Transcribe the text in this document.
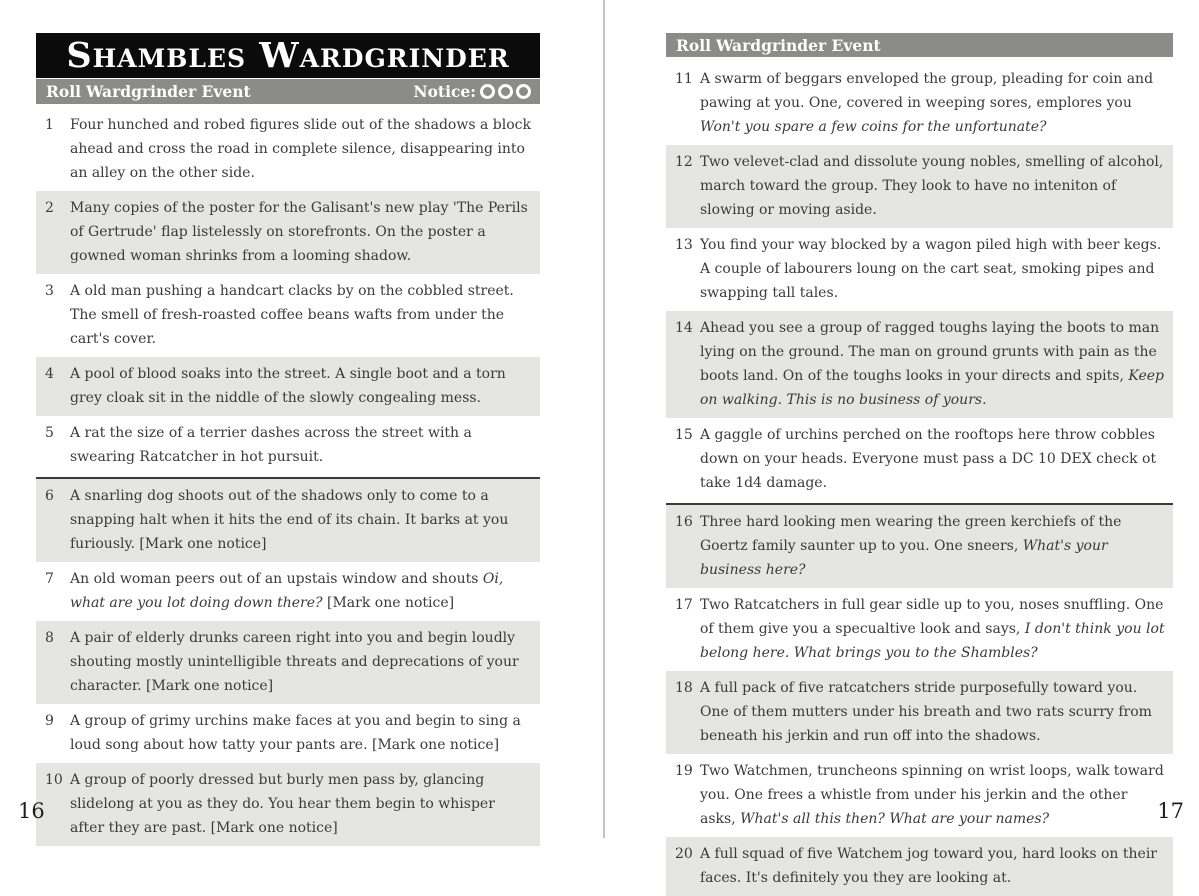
Shambles Wardgrinder
Roll Wardgrinder Event	Notice:
1	Four hunched and robed figures slide out of the shadows a block ahead and cross the road in complete silence, disappearing into an alley on the other side.
2	Many copies of the poster for the Galisant's new play 'The Perils of Gertrude' flap listelessly on storefronts. On the poster a gowned woman shrinks from a looming shadow.
3	A old man pushing a handcart clacks by on the cobbled street. The smell of fresh-roasted coffee beans wafts from under the cart's cover.
4	A pool of blood soaks into the street. A single boot and a torn grey cloak sit in the niddle of the slowly congealing mess.
5	A rat the size of a terrier dashes across the street with a swearing Ratcatcher in hot pursuit.
6	A snarling dog shoots out of the shadows only to come to a snapping halt when it hits the end of its chain. It barks at you furiously. [Mark one notice]
7	An old woman peers out of an upstais window and shouts Oi, what are you lot doing down there? [Mark one notice]
8	A pair of elderly drunks careen right into you and begin loudly shouting mostly unintelligible threats and deprecations of your character. [Mark one notice]
9	A group of grimy urchins make faces at you and begin to sing a loud song about how tatty your pants are. [Mark one notice]
10 A group of poorly dressed but burly men pass by, glancing slidelong at you as they do. You hear them begin to whisper after they are past. [Mark one notice]
Roll Wardgrinder Event
11 A swarm of beggars enveloped the group, pleading for coin and pawing at you. One, covered in weeping sores, emplores you Won't you spare a few coins for the unfortunate?
12 Two velevet-clad and dissolute young nobles, smelling of alcohol, march toward the group. They look to have no inteniton of slowing or moving aside.
13 You find your way blocked by a wagon piled high with beer kegs. A couple of labourers loung on the cart seat, smoking pipes and swapping tall tales.
14 Ahead you see a group of ragged toughs laying the boots to man lying on the ground. The man on ground grunts with pain as the boots land. On of the toughs looks in your directs and spits, Keep on walking. This is no business of yours.
15 A gaggle of urchins perched on the rooftops here throw cobbles down on your heads. Everyone must pass a DC 10 DEX check ot take 1d4 damage.
16 Three hard looking men wearing the green kerchiefs of the Goertz family saunter up to you. One sneers, What's your business here?
17 Two Ratcatchers in full gear sidle up to you, noses snuffling. One of them give you a specualtive look and says, I don't think you lot belong here. What brings you to the Shambles?
18 A full pack of five ratcatchers stride purposefully toward you. One of them mutters under his breath and two rats scurry from beneath his jerkin and run off into the shadows.
19 Two Watchmen, truncheons spinning on wrist loops, walk toward you. One frees a whistle from under his jerkin and the other asks, What's all this then? What are your names?
20 A full squad of five Watchem jog toward you, hard looks on their faces. It's definitely you they are looking at.
16	17
